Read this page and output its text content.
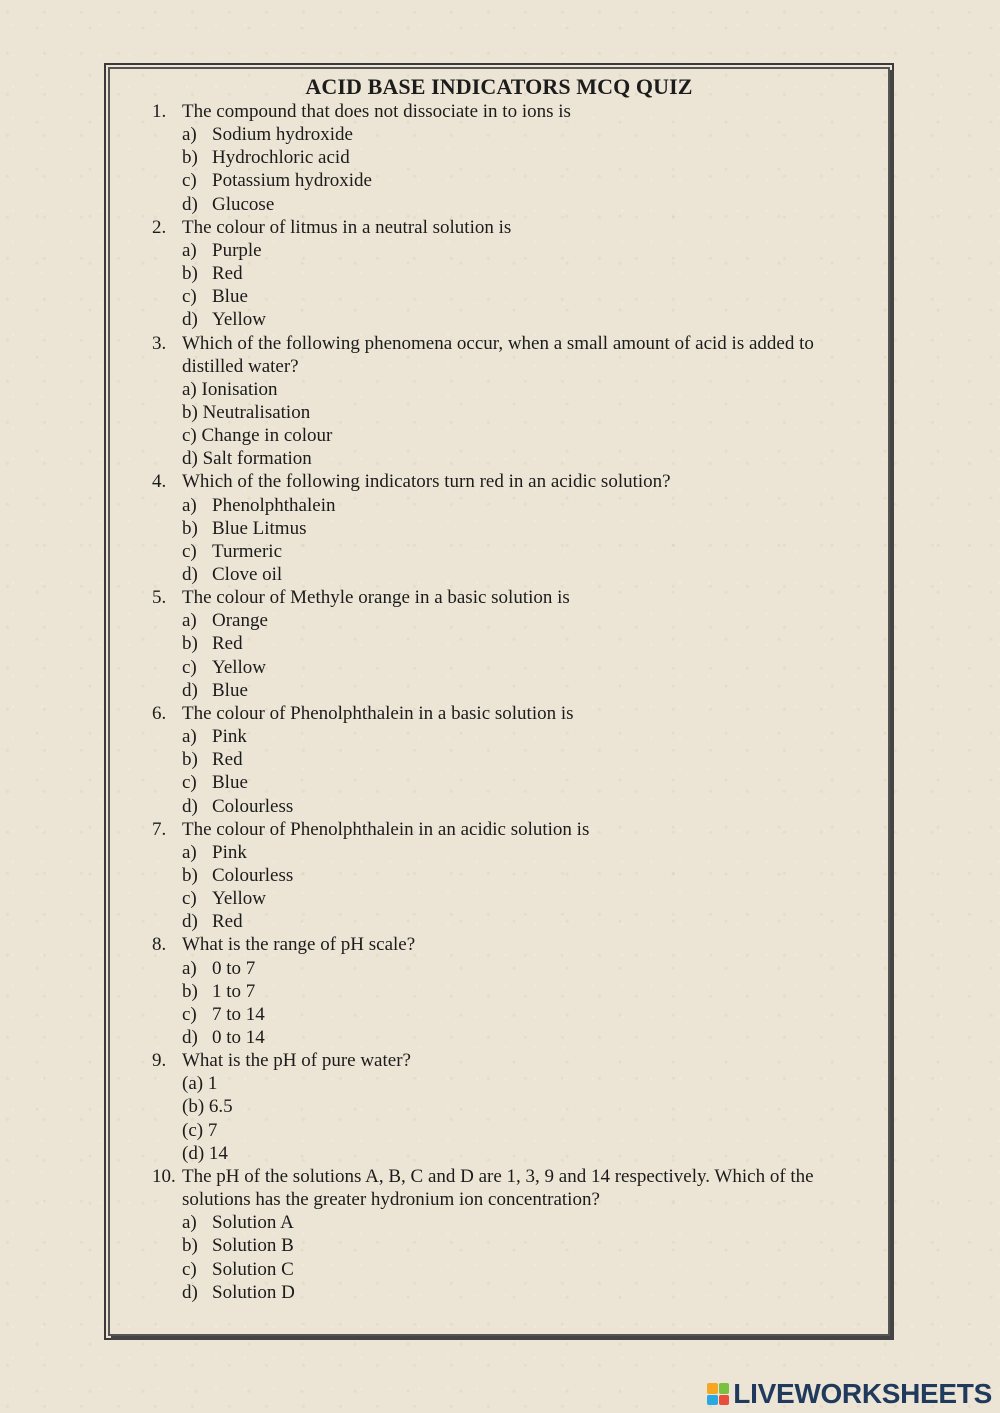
ACID BASE INDICATORS MCQ QUIZ
1. The compound that does not dissociate in to ions is
a) Sodium hydroxide
b) Hydrochloric acid
c) Potassium hydroxide
d) Glucose
2. The colour of litmus in a neutral solution is
a) Purple
b) Red
c) Blue
d) Yellow
3. Which of the following phenomena occur, when a small amount of acid is added to
distilled water?
a) Ionisation
b) Neutralisation
c) Change in colour
d) Salt formation
4. Which of the following indicators turn red in an acidic solution?
a) Phenolphthalein
b) Blue Litmus
c) Turmeric
d) Clove oil
5. The colour of Methyle orange in a basic solution is
a) Orange
b) Red
c) Yellow
d) Blue
6. The colour of Phenolphthalein in a basic solution is
a) Pink
b) Red
c) Blue
d) Colourless
7. The colour of Phenolphthalein in an acidic solution is
a) Pink
b) Colourless
c) Yellow
d) Red
8. What is the range of pH scale?
a) 0 to 7
b) 1 to 7
c) 7 to 14
d) 0 to 14
9. What is the pH of pure water?
(a) 1
(b) 6.5
(c) 7
(d) 14
10. The pH of the solutions A, B, C and D are 1, 3, 9 and 14 respectively. Which of the
solutions has the greater hydronium ion concentration?
a) Solution A
b) Solution B
c) Solution C
d) Solution D
LIVEWORKSHEETS
